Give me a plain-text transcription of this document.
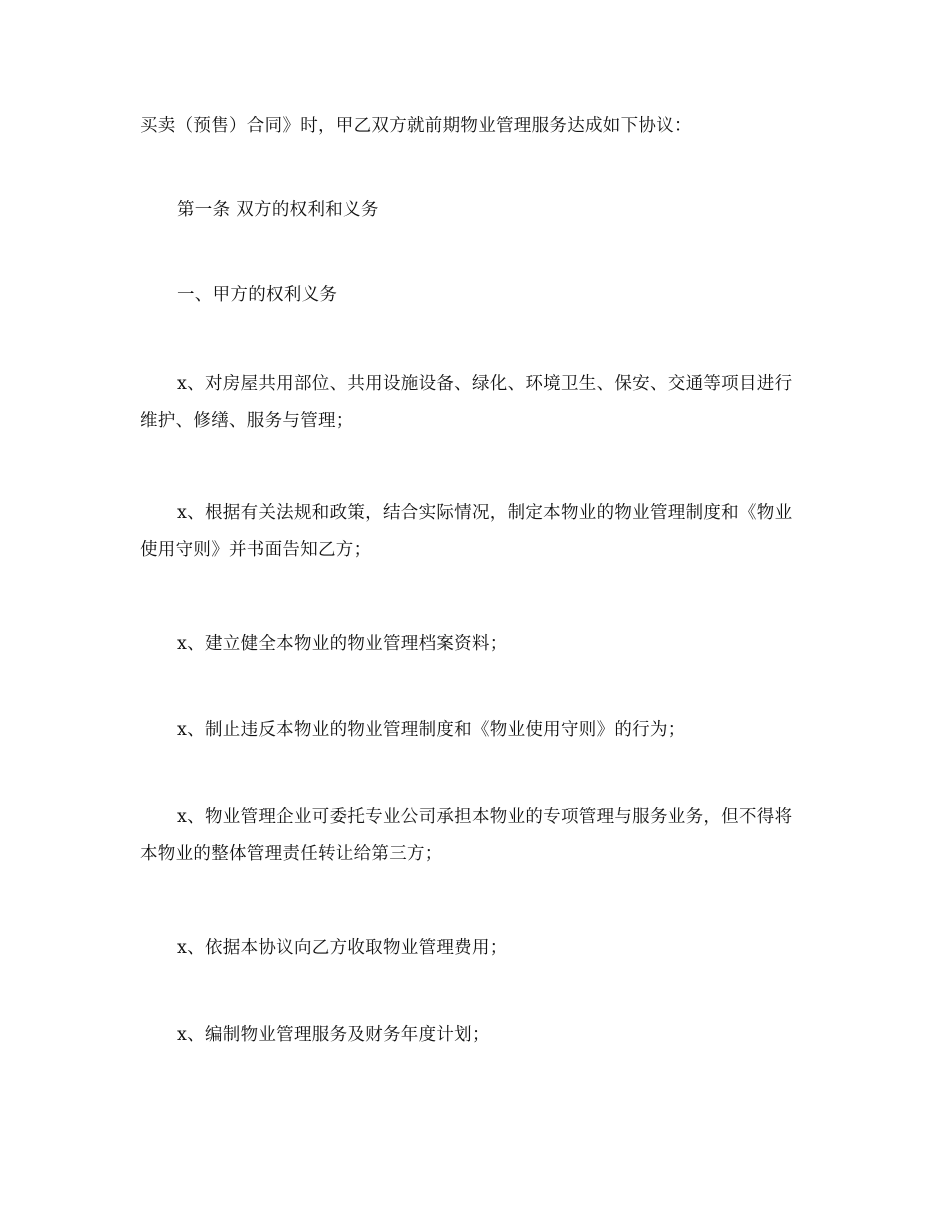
买卖（预售）合同》时，甲乙双方就前期物业管理服务达成如下协议：

第一条 双方的权利和义务

一、甲方的权利义务

x、对房屋共用部位、共用设施设备、绿化、环境卫生、保安、交通等项目进行维护、修缮、服务与管理；

x、根据有关法规和政策，结合实际情况，制定本物业的物业管理制度和《物业使用守则》并书面告知乙方；

x、建立健全本物业的物业管理档案资料；

x、制止违反本物业的物业管理制度和《物业使用守则》的行为；

x、物业管理企业可委托专业公司承担本物业的专项管理与服务业务，但不得将本物业的整体管理责任转让给第三方；

x、依据本协议向乙方收取物业管理费用；

x、编制物业管理服务及财务年度计划；
